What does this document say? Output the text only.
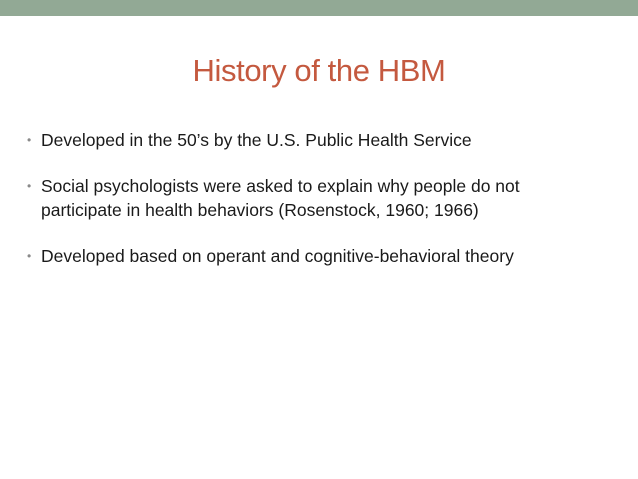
History of the HBM
• Developed in the 50’s by the U.S. Public Health Service
• Social psychologists were asked to explain why people do not participate in health behaviors (Rosenstock, 1960; 1966)
• Developed based on operant and cognitive-behavioral theory
